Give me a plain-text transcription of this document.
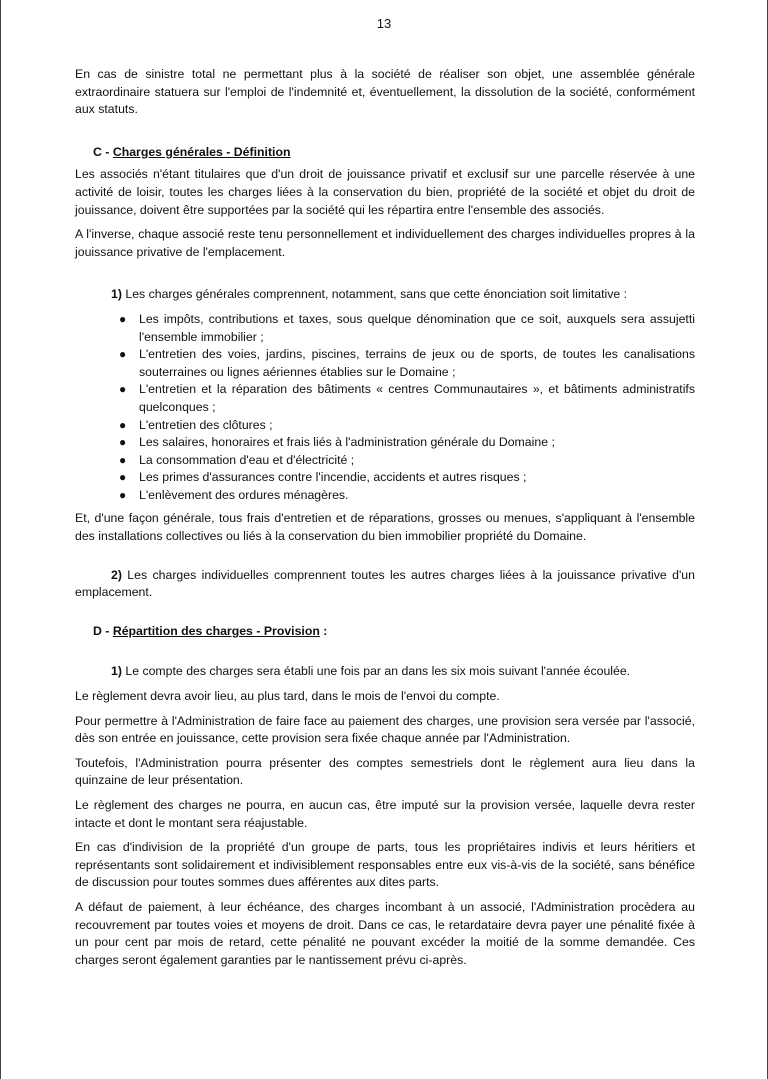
13

En cas de sinistre total ne permettant plus à la société de réaliser son objet, une assemblée générale extraordinaire statuera sur l'emploi de l'indemnité et, éventuellement, la dissolution de la société, conformément aux statuts.

C - Charges générales - Définition

Les associés n'étant titulaires que d'un droit de jouissance privatif et exclusif sur une parcelle réservée à une activité de loisir, toutes les charges liées à la conservation du bien, propriété de la société et objet du droit de jouissance, doivent être supportées par la société qui les répartira entre l'ensemble des associés.

A l'inverse, chaque associé reste tenu personnellement et individuellement des charges individuelles propres à la jouissance privative de l'emplacement.

1) Les charges générales comprennent, notamment, sans que cette énonciation soit limitative :

● Les impôts, contributions et taxes, sous quelque dénomination que ce soit, auxquels sera assujetti l'ensemble immobilier ;
● L'entretien des voies, jardins, piscines, terrains de jeux ou de sports, de toutes les canalisations souterraines ou lignes aériennes établies sur le Domaine ;
● L'entretien et la réparation des bâtiments « centres Communautaires », et bâtiments administratifs quelconques ;
● L'entretien des clôtures ;
● Les salaires, honoraires et frais liés à l'administration générale du Domaine ;
● La consommation d'eau et d'électricité ;
● Les primes d'assurances contre l'incendie, accidents et autres risques ;
● L'enlèvement des ordures ménagères.

Et, d'une façon générale, tous frais d'entretien et de réparations, grosses ou menues, s'appliquant à l'ensemble des installations collectives ou liés à la conservation du bien immobilier propriété du Domaine.

2) Les charges individuelles comprennent toutes les autres charges liées à la jouissance privative d'un emplacement.

D - Répartition des charges - Provision :

1) Le compte des charges sera établi une fois par an dans les six mois suivant l'année écoulée.

Le règlement devra avoir lieu, au plus tard, dans le mois de l'envoi du compte.

Pour permettre à l'Administration de faire face au paiement des charges, une provision sera versée par l'associé, dès son entrée en jouissance, cette provision sera fixée chaque année par l'Administration.

Toutefois, l'Administration pourra présenter des comptes semestriels dont le règlement aura lieu dans la quinzaine de leur présentation.

Le règlement des charges ne pourra, en aucun cas, être imputé sur la provision versée, laquelle devra rester intacte et dont le montant sera réajustable.

En cas d'indivision de la propriété d'un groupe de parts, tous les propriétaires indivis et leurs héritiers et représentants sont solidairement et indivisiblement responsables entre eux vis-à-vis de la société, sans bénéfice de discussion pour toutes sommes dues afférentes aux dites parts.

A défaut de paiement, à leur échéance, des charges incombant à un associé, l'Administration procèdera au recouvrement par toutes voies et moyens de droit. Dans ce cas, le retardataire devra payer une pénalité fixée à un pour cent par mois de retard, cette pénalité ne pouvant excéder la moitié de la somme demandée. Ces charges seront également garanties par le nantissement prévu ci-après.
